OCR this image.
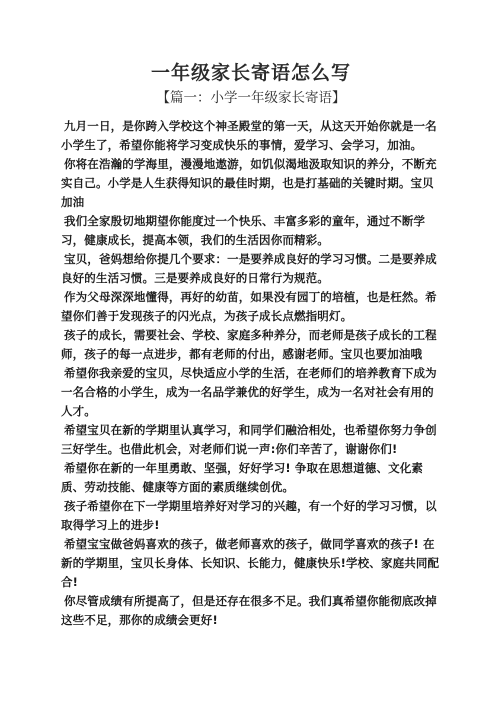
一年级家长寄语怎么写
【篇一：小学一年级家长寄语】

九月一日，是你跨入学校这个神圣殿堂的第一天，从这天开始你就是一名小学生了，希望你能将学习变成快乐的事情，爱学习、会学习，加油。

你将在浩瀚的学海里，漫漫地遨游，如饥似渴地汲取知识的养分，不断充实自己。小学是人生获得知识的最佳时期，也是打基础的关键时期。宝贝加油

我们全家殷切地期望你能度过一个快乐、丰富多彩的童年，通过不断学习，健康成长，提高本领，我们的生活因你而精彩。

宝贝，爸妈想给你提几个要求：一是要养成良好的学习习惯。二是要养成良好的生活习惯。三是要养成良好的日常行为规范。

作为父母深深地懂得，再好的幼苗，如果没有园丁的培植，也是枉然。希望你们善于发现孩子的闪光点，为孩子成长点燃指明灯。

孩子的成长，需要社会、学校、家庭多种养分，而老师是孩子成长的工程师，孩子的每一点进步，都有老师的付出，感谢老师。宝贝也要加油哦

希望你我亲爱的宝贝，尽快适应小学的生活，在老师们的培养教育下成为一名合格的小学生，成为一名品学兼优的好学生，成为一名对社会有用的人才。

希望宝贝在新的学期里认真学习，和同学们融洽相处，也希望你努力争创三好学生。也借此机会，对老师们说一声:你们辛苦了，谢谢你们!

希望你在新的一年里勇敢、坚强，好好学习! 争取在思想道德、文化素质、劳动技能、健康等方面的素质继续创优。

孩子希望你在下一学期里培养好对学习的兴趣，有一个好的学习习惯，以取得学习上的进步!

希望宝宝做爸妈喜欢的孩子，做老师喜欢的孩子，做同学喜欢的孩子! 在新的学期里，宝贝长身体、长知识、长能力，健康快乐!学校、家庭共同配合!

你尽管成绩有所提高了，但是还存在很多不足。我们真希望你能彻底改掉这些不足，那你的成绩会更好!
